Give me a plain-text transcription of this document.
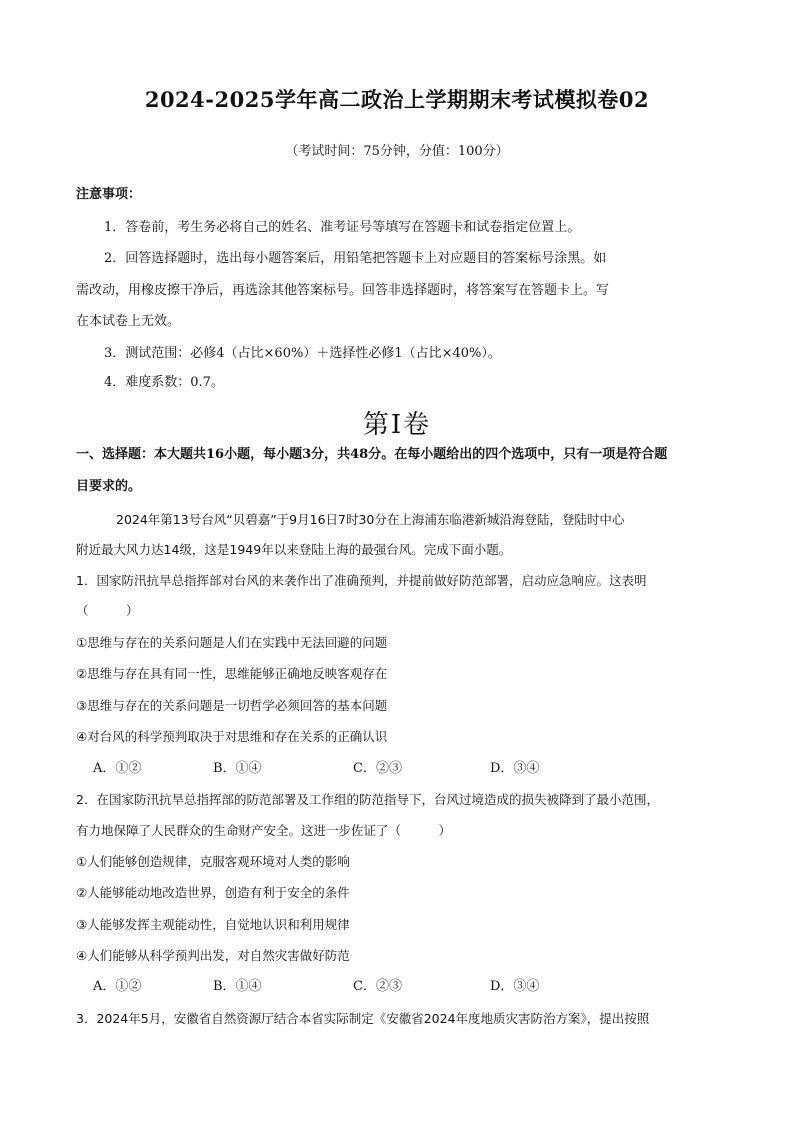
2024-2025学年高二政治上学期期末考试模拟卷02
（考试时间：75分钟，分值：100分）
注意事项：
1．答卷前，考生务必将自己的姓名、准考证号等填写在答题卡和试卷指定位置上。
2．回答选择题时，选出每小题答案后，用铅笔把答题卡上对应题目的答案标号涂黑。如
需改动，用橡皮擦干净后，再选涂其他答案标号。回答非选择题时，将答案写在答题卡上。写
在本试卷上无效。
3．测试范围：必修4（占比×60%）＋选择性必修1（占比×40%）。
4．难度系数：0.7。
第I卷
一、选择题：本大题共16小题，每小题3分，共48分。在每小题给出的四个选项中，只有一项是符合题
目要求的。
2024年第13号台风“贝碧嘉”于9月16日7时30分在上海浦东临港新城沿海登陆，登陆时中心
附近最大风力达14级，这是1949年以来登陆上海的最强台风。完成下面小题。
1．国家防汛抗旱总指挥部对台风的来袭作出了准确预判，并提前做好防范部署，启动应急响应。这表明
（　　　）
①思维与存在的关系问题是人们在实践中无法回避的问题
②思维与存在具有同一性，思维能够正确地反映客观存在
③思维与存在的关系问题是一切哲学必须回答的基本问题
④对台风的科学预判取决于对思维和存在关系的正确认识
A．①②	B．①④	C．②③	D．③④
2．在国家防汛抗旱总指挥部的防范部署及工作组的防范指导下，台风过境造成的损失被降到了最小范围，
有力地保障了人民群众的生命财产安全。这进一步佐证了（　　　）
①人们能够创造规律，克服客观环境对人类的影响
②人能够能动地改造世界，创造有利于安全的条件
③人能够发挥主观能动性，自觉地认识和利用规律
④人们能够从科学预判出发，对自然灾害做好防范
A．①②	B．①④	C．②③	D．③④
3．2024年5月，安徽省自然资源厅结合本省实际制定《安徽省2024年度地质灾害防治方案》，提出按照
